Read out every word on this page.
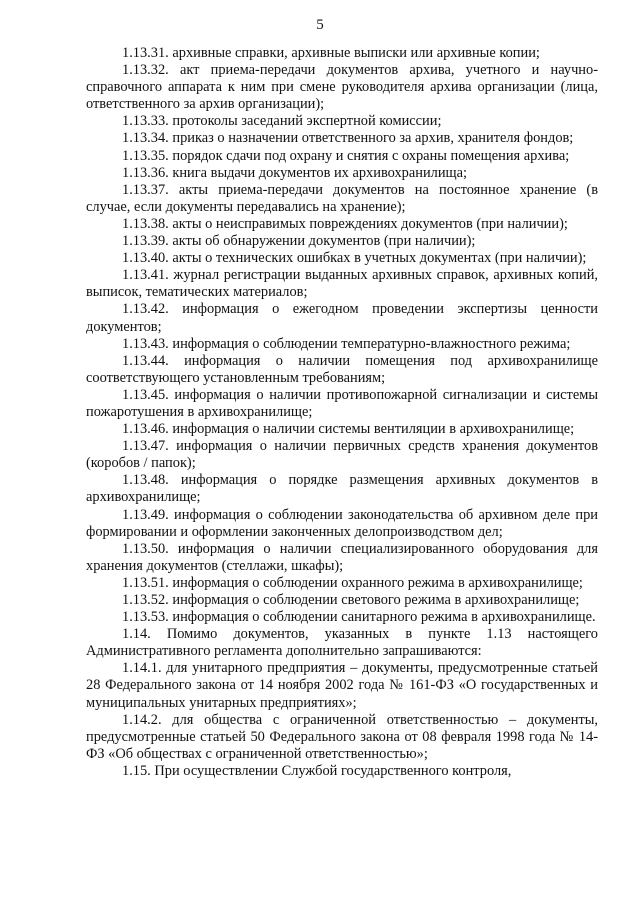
5

1.13.31. архивные справки, архивные выписки или архивные копии;

1.13.32. акт приема-передачи документов архива, учетного и научно-справочного аппарата к ним при смене руководителя архива организации (лица, ответственного за архив организации);

1.13.33. протоколы заседаний экспертной комиссии;

1.13.34. приказ о назначении ответственного за архив, хранителя фондов;

1.13.35. порядок сдачи под охрану и снятия с охраны помещения архива;

1.13.36. книга выдачи документов их архивохранилища;

1.13.37. акты приема-передачи документов на постоянное хранение (в случае, если документы передавались на хранение);

1.13.38. акты о неисправимых повреждениях документов (при наличии);

1.13.39. акты об обнаружении документов (при наличии);

1.13.40. акты о технических ошибках в учетных документах (при наличии);

1.13.41. журнал регистрации выданных архивных справок, архивных копий, выписок, тематических материалов;

1.13.42. информация о ежегодном проведении экспертизы ценности документов;

1.13.43. информация о соблюдении температурно-влажностного режима;

1.13.44. информация о наличии помещения под архивохранилище соответствующего установленным требованиям;

1.13.45. информация о наличии противопожарной сигнализации и системы пожаротушения в архивохранилище;

1.13.46. информация о наличии системы вентиляции в архивохранилище;

1.13.47. информация о наличии первичных средств хранения документов (коробов / папок);

1.13.48. информация о порядке размещения архивных документов в архивохранилище;

1.13.49. информация о соблюдении законодательства об архивном деле при формировании и оформлении законченных делопроизводством дел;

1.13.50. информация о наличии специализированного оборудования для хранения документов (стеллажи, шкафы);

1.13.51. информация о соблюдении охранного режима в архивохранилище;

1.13.52. информация о соблюдении светового режима в архивохранилище;

1.13.53. информация о соблюдении санитарного режима в архивохранилище.

1.14. Помимо документов, указанных в пункте 1.13 настоящего Административного регламента дополнительно запрашиваются:

1.14.1. для унитарного предприятия – документы, предусмотренные статьей 28 Федерального закона от 14 ноября 2002 года № 161-ФЗ «О государственных и муниципальных унитарных предприятиях»;

1.14.2. для общества с ограниченной ответственностью – документы, предусмотренные статьей 50 Федерального закона от 08 февраля 1998 года № 14-ФЗ «Об обществах с ограниченной ответственностью»;

1.15. При осуществлении Службой государственного контроля,
